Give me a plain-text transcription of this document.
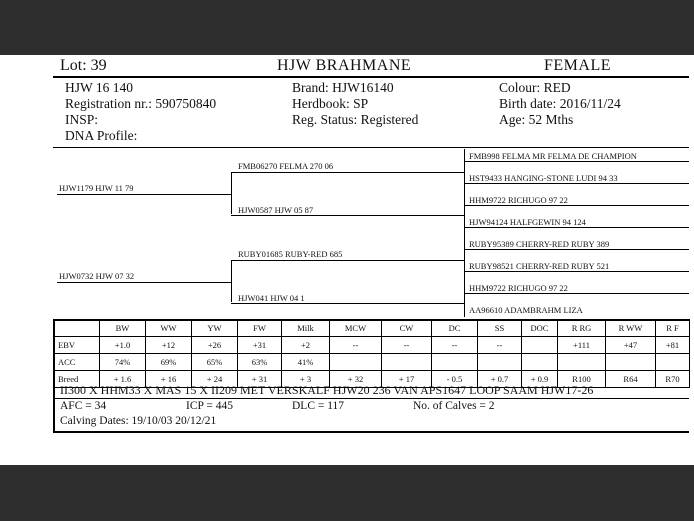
Lot: 39	HJW BRAHMANE	FEMALE
HJW 16 140
Registration nr.: 590750840
INSP:
DNA Profile:
Brand: HJW16140
Herdbook: SP
Reg. Status: Registered
Colour: RED
Birth date: 2016/11/24
Age: 52 Mths
HJW1179 HJW 11 79
HJW0732 HJW 07 32
FMB06270 FELMA 270 06
HJW0587 HJW 05 87
RUBY01685 RUBY-RED 685
HJW041 HJW 04 1
FMB998 FELMA MR FELMA DE CHAMPION
HST9433 HANGING-STONE LUDI 94 33
HHM9722 RICHUGO 97 22
HJW94124 HALFGEWIN 94 124
RUBY95389 CHERRY-RED RUBY 389
RUBY98521 CHERRY-RED RUBY 521
HHM9722 RICHUGO 97 22
AA96610 ADAMBRAHM LIZA
	BW	WW	YW	FW	Milk	MCW	CW	DC	SS	DOC	R RG	R WW	R F
EBV	+1.0	+12	+26	+31	+2	--	--	--	--		+111	+47	+81
ACC	74%	69%	65%	63%	41%								
Breed	+ 1.6	+ 16	+ 24	+ 31	+ 3	+ 32	+ 17	- 0.5	+ 0.7	+ 0.9	R100	R64	R70
II300 X HHM33 X MAS 15 X II209 MET VERSKALF HJW20 236 VAN APS1647 LOOP SAAM HJW17-26
AFC = 34	ICP = 445	DLC = 117	No. of Calves = 2
Calving Dates: 19/10/03 20/12/21
